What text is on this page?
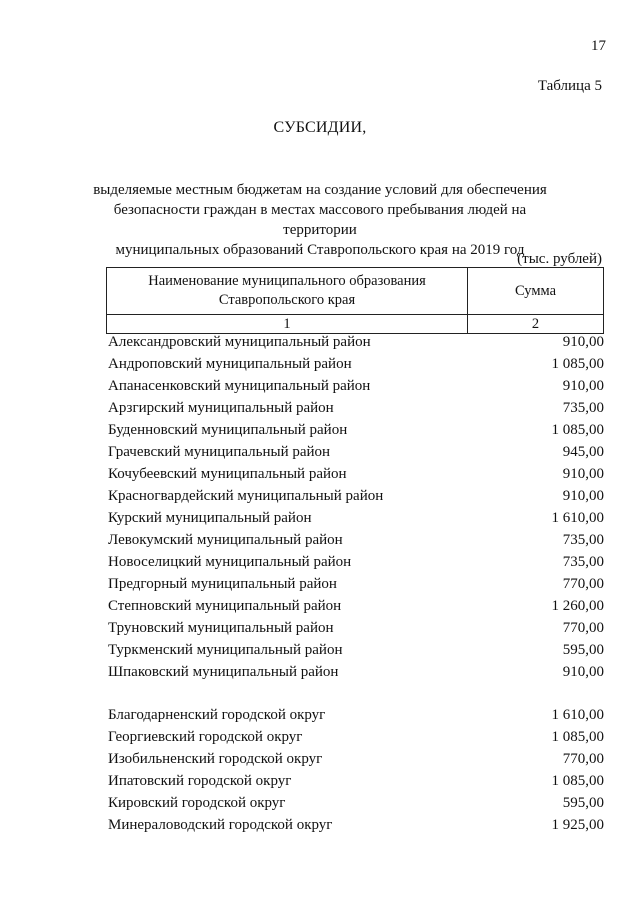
17
Таблица 5
СУБСИДИИ,
выделяемые местным бюджетам на создание условий для обеспечения
безопасности граждан в местах массового пребывания людей на территории
муниципальных образований Ставропольского края на 2019 год
(тыс. рублей)
Наименование муниципального образования
Ставропольского края	Сумма
1	2
Александровский муниципальный район	910,00
Андроповский муниципальный район	1 085,00
Апанасенковский муниципальный район	910,00
Арзгирский муниципальный район	735,00
Буденновский муниципальный район	1 085,00
Грачевский муниципальный район	945,00
Кочубеевский муниципальный район	910,00
Красногвардейский муниципальный район	910,00
Курский муниципальный район	1 610,00
Левокумский муниципальный район	735,00
Новоселицкий муниципальный район	735,00
Предгорный муниципальный район	770,00
Степновский муниципальный район	1 260,00
Труновский муниципальный район	770,00
Туркменский муниципальный район	595,00
Шпаковский муниципальный район	910,00
Благодарненский городской округ	1 610,00
Георгиевский городской округ	1 085,00
Изобильненский городской округ	770,00
Ипатовский городской округ	1 085,00
Кировский городской округ	595,00
Минераловодский городской округ	1 925,00
